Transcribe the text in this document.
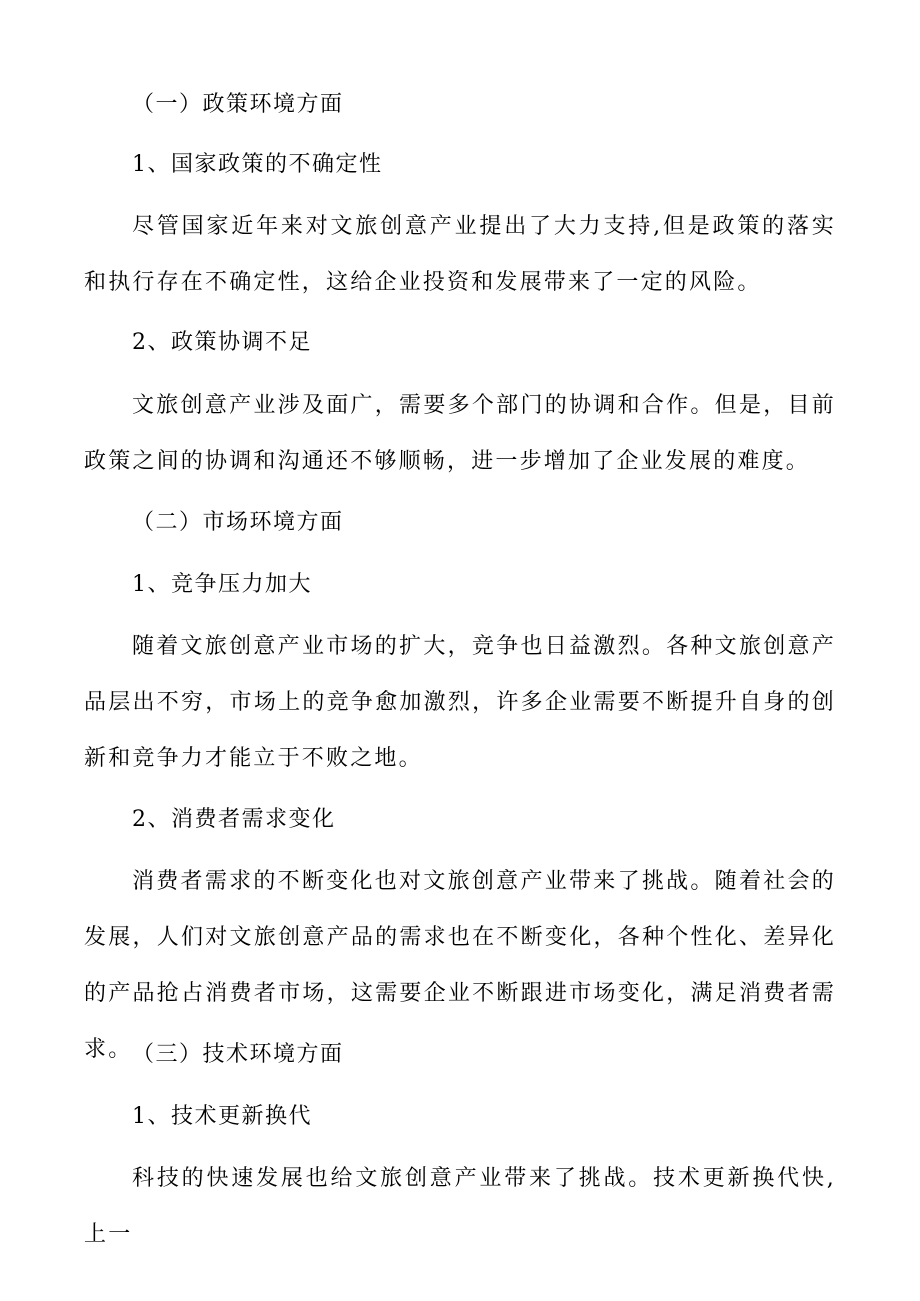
（一）政策环境方面
1、国家政策的不确定性
尽管国家近年来对文旅创意产业提出了大力支持,但是政策的落实和执行存在不确定性，这给企业投资和发展带来了一定的风险。
2、政策协调不足
文旅创意产业涉及面广，需要多个部门的协调和合作。但是，目前政策之间的协调和沟通还不够顺畅，进一步增加了企业发展的难度。
（二）市场环境方面
1、竞争压力加大
随着文旅创意产业市场的扩大，竞争也日益激烈。各种文旅创意产品层出不穷，市场上的竞争愈加激烈，许多企业需要不断提升自身的创新和竞争力才能立于不败之地。
2、消费者需求变化
消费者需求的不断变化也对文旅创意产业带来了挑战。随着社会的发展，人们对文旅创意产品的需求也在不断变化，各种个性化、差异化的产品抢占消费者市场，这需要企业不断跟进市场变化，满足消费者需求。 （三）技术环境方面
1、技术更新换代
科技的快速发展也给文旅创意产业带来了挑战。技术更新换代快,上一
